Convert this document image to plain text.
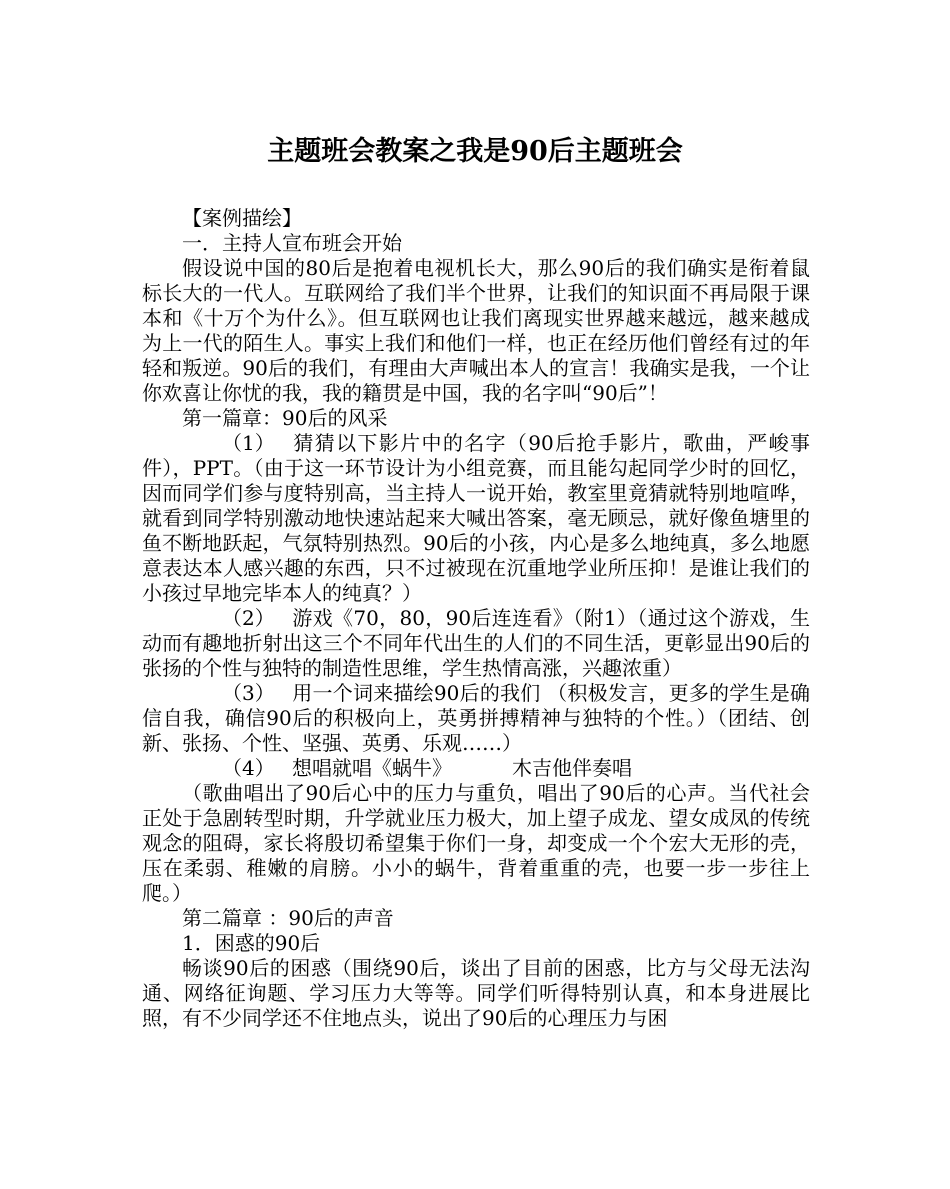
主题班会教案之我是90后主题班会

【案例描绘】

一．主持人宣布班会开始

假设说中国的80后是抱着电视机长大，那么90后的我们确实是衔着鼠标长大的一代人。互联网给了我们半个世界，让我们的知识面不再局限于课本和《十万个为什么》。但互联网也让我们离现实世界越来越远，越来越成为上一代的陌生人。事实上我们和他们一样，也正在经历他们曾经有过的年轻和叛逆。90后的我们，有理由大声喊出本人的宣言！我确实是我，一个让你欢喜让你忧的我，我的籍贯是中国，我的名字叫“90后”！

第一篇章：90后的风采

（1） 猜猜以下影片中的名字（90后抢手影片，歌曲，严峻事件），PPT。（由于这一环节设计为小组竞赛，而且能勾起同学少时的回忆，因而同学们参与度特别高，当主持人一说开始，教室里竟猜就特别地喧哗，就看到同学特别激动地快速站起来大喊出答案，毫无顾忌，就好像鱼塘里的鱼不断地跃起，气氛特别热烈。90后的小孩，内心是多么地纯真，多么地愿意表达本人感兴趣的东西，只不过被现在沉重地学业所压抑！是谁让我们的小孩过早地完毕本人的纯真？）

（2） 游戏《70，80，90后连连看》（附1）（通过这个游戏，生动而有趣地折射出这三个不同年代出生的人们的不同生活，更彰显出90后的张扬的个性与独特的制造性思维，学生热情高涨，兴趣浓重）

（3） 用一个词来描绘90后的我们 （积极发言，更多的学生是确信自我，确信90后的积极向上，英勇拼搏精神与独特的个性。）（团结、创新、张扬、个性、坚强、英勇、乐观……）

（4） 想唱就唱《蜗牛》	木吉他伴奏唱

（歌曲唱出了90后心中的压力与重负，唱出了90后的心声。当代社会正处于急剧转型时期，升学就业压力极大，加上望子成龙、望女成凤的传统观念的阻碍，家长将殷切希望集于你们一身，却变成一个个宏大无形的壳，压在柔弱、稚嫩的肩膀。小小的蜗牛，背着重重的壳，也要一步一步往上爬。）

第二篇章 ：90后的声音

1．困惑的90后

畅谈90后的困惑（围绕90后，谈出了目前的困惑，比方与父母无法沟通、网络征询题、学习压力大等等。同学们听得特别认真，和本身进展比照，有不少同学还不住地点头，说出了90后的心理压力与困
